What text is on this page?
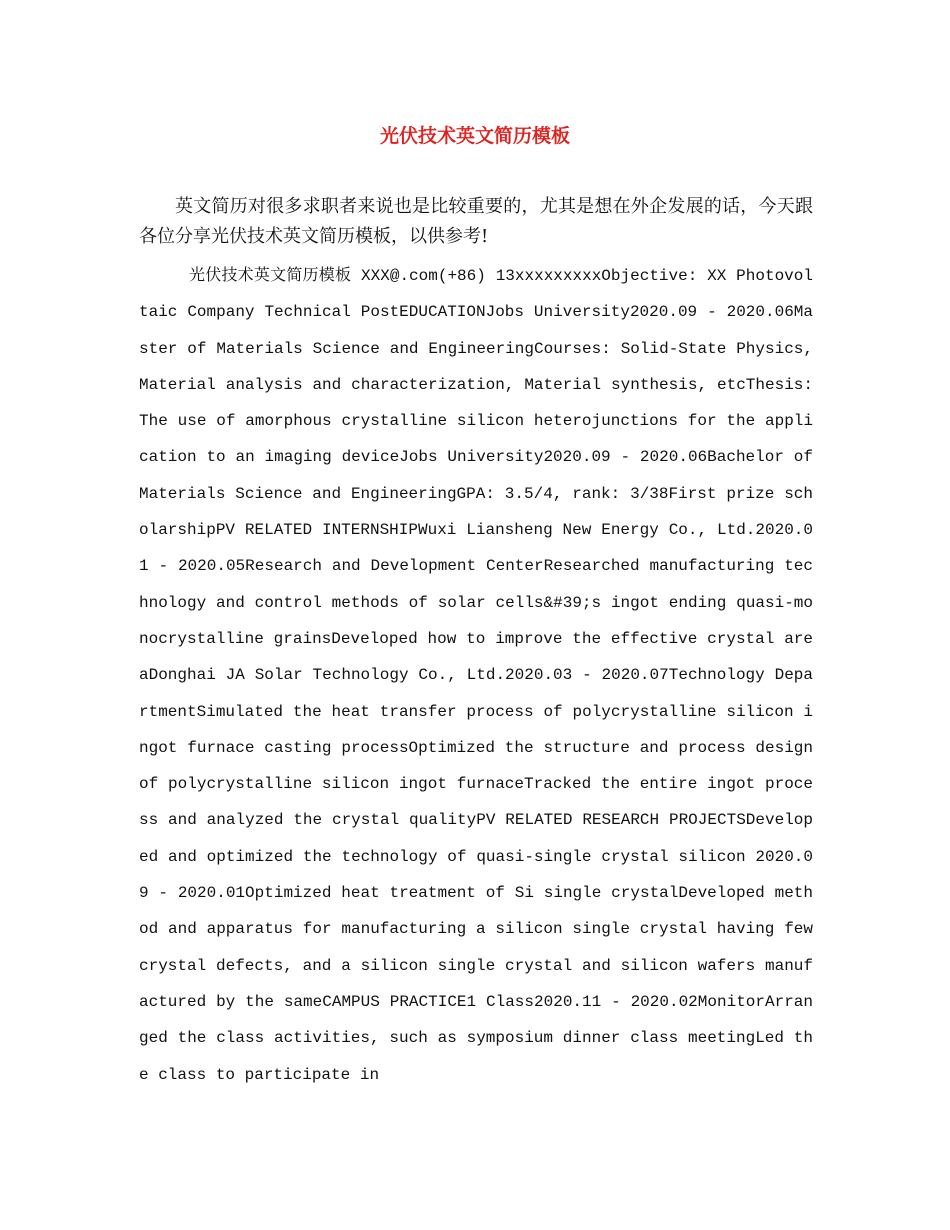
光伏技术英文简历模板

英文简历对很多求职者来说也是比较重要的，尤其是想在外企发展的话，今天跟各位分享光伏技术英文简历模板，以供参考!

光伏技术英文简历模板 XXX@.com(+86) 13xxxxxxxxxObjective: XX Photovoltaic Company Technical PostEDUCATIONJobs University2020.09 - 2020.06Master of Materials Science and EngineeringCourses: Solid-State Physics, Material analysis and characterization, Material synthesis, etcThesis: The use of amorphous crystalline silicon heterojunctions for the application to an imaging deviceJobs University2020.09 - 2020.06Bachelor of Materials Science and EngineeringGPA: 3.5/4, rank: 3/38First prize scholarshipPV RELATED INTERNSHIPWuxi Liansheng New Energy Co., Ltd.2020.01 - 2020.05Research and Development CenterResearched manufacturing technology and control methods of solar cells&#39;s ingot ending quasi-monocrystalline grainsDeveloped how to improve the effective crystal areaDonghai JA Solar Technology Co., Ltd.2020.03 - 2020.07Technology DepartmentSimulated the heat transfer process of polycrystalline silicon ingot furnace casting processOptimized the structure and process design of polycrystalline silicon ingot furnaceTracked the entire ingot process and analyzed the crystal qualityPV RELATED RESEARCH PROJECTSDeveloped and optimized the technology of quasi-single crystal silicon 2020.09 - 2020.01Optimized heat treatment of Si single crystalDeveloped method and apparatus for manufacturing a silicon single crystal having few crystal defects, and a silicon single crystal and silicon wafers manufactured by the sameCAMPUS PRACTICE1 Class2020.11 - 2020.02MonitorArranged the class activities, such as symposium dinner class meetingLed the class to participate in
